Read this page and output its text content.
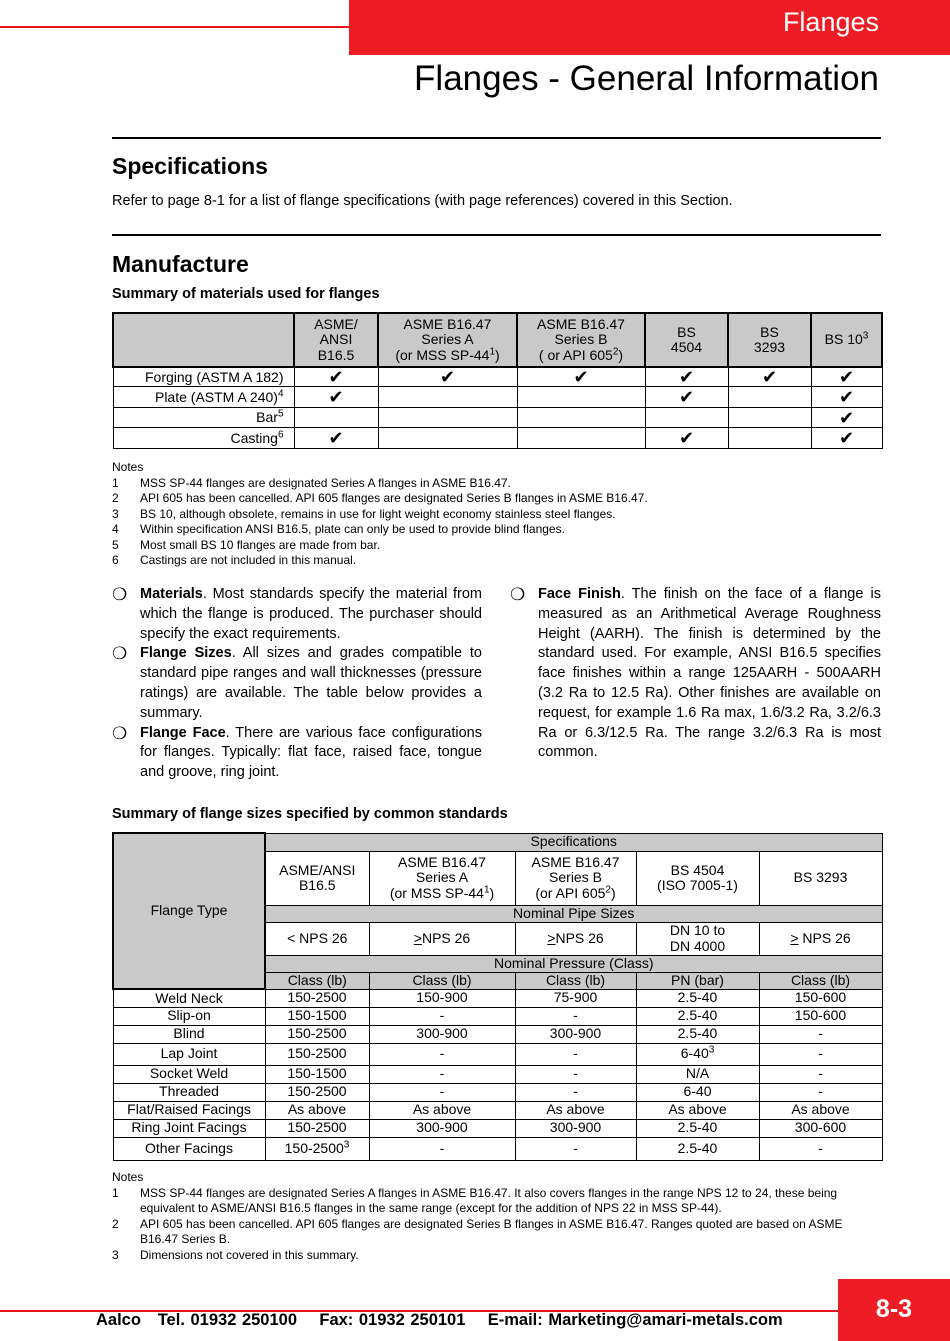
Flanges
Flanges - General Information
Specifications
Refer to page 8-1 for a list of flange specifications (with page references) covered in this Section.
Manufacture
Summary of materials used for flanges
	ASME/
ANSI
B16.5	ASME B16.47
Series A
(or MSS $SP-44^1$)	ASME B16.47
Series B
( or API $605^2$)	BS
4504	BS
3293	BS $10^3$
Forging (ASTM A 182)	✔	✔	✔	✔	✔	✔
Plate (ASTM A 240)$^4$	✔			✔		✔
Bar$^5$						✔
Casting$^6$	✔			✔		✔
Notes
1	MSS SP-44 flanges are designated Series A flanges in ASME B16.47.
2	API 605 has been cancelled. API 605 flanges are designated Series B flanges in ASME B16.47.
3	BS 10, although obsolete, remains in use for light weight economy stainless steel flanges.
4	Within specification ANSI B16.5, plate can only be used to provide blind flanges.
5	Most small BS 10 flanges are made from bar.
6	Castings are not included in this manual.
❍ Materials. Most standards specify the material from which the flange is produced. The purchaser should specify the exact requirements.
❍ Flange Sizes. All sizes and grades compatible to standard pipe ranges and wall thicknesses (pressure ratings) are available. The table below provides a summary.
❍ Flange Face. There are various face configurations for flanges. Typically: flat face, raised face, tongue and groove, ring joint.
❍ Face Finish. The finish on the face of a flange is measured as an Arithmetical Average Roughness Height (AARH). The finish is determined by the standard used. For example, ANSI B16.5 specifies face finishes within a range 125AARH - 500AARH (3.2 Ra to 12.5 Ra). Other finishes are available on request, for example 1.6 Ra max, 1.6/3.2 Ra, 3.2/6.3 Ra or 6.3/12.5 Ra. The range 3.2/6.3 Ra is most common.
Summary of flange sizes specified by common standards
Flange Type	Specifications				
	ASME/ANSI
B16.5	ASME B16.47
Series A
(or MSS $SP-44^1$)	ASME B16.47
Series B
(or API $605^2$)	BS 4504
(ISO 7005-1)	BS 3293
	Nominal Pipe Sizes				
	< NPS 26	>NPS 26	>NPS 26	DN 10 to
DN 4000	> NPS 26
	Nominal Pressure (Class)				
	Class (lb)	Class (lb)	Class (lb)	PN (bar)	Class (lb)
Weld Neck	150-2500	150-900	75-900	2.5-40	150-600
Slip-on	150-1500	-	-	2.5-40	150-600
Blind	150-2500	300-900	300-900	2.5-40	-
Lap Joint	150-2500	-	-	$6-40^3$	-
Socket Weld	150-1500	-	-	N/A	-
Threaded	150-2500	-	-	6-40	-
Flat/Raised Facings	As above	As above	As above	As above	As above
Ring Joint Facings	150-2500	300-900	300-900	2.5-40	300-600
Other Facings	150-2500$^3$	-	-	2.5-40	-
Notes
1	MSS SP-44 flanges are designated Series A flanges in ASME B16.47. It also covers flanges in the range NPS 12 to 24, these being equivalent to ASME/ANSI B16.5 flanges in the same range (except for the addition of NPS 22 in MSS SP-44).
2	API 605 has been cancelled. API 605 flanges are designated Series B flanges in ASME B16.47. Ranges quoted are based on ASME B16.47 Series B.
3	Dimensions not covered in this summary.
Aalco Tel. 01932 250100 Fax: 01932 250101 E-mail: Marketing@amari-metals.com	8-3
